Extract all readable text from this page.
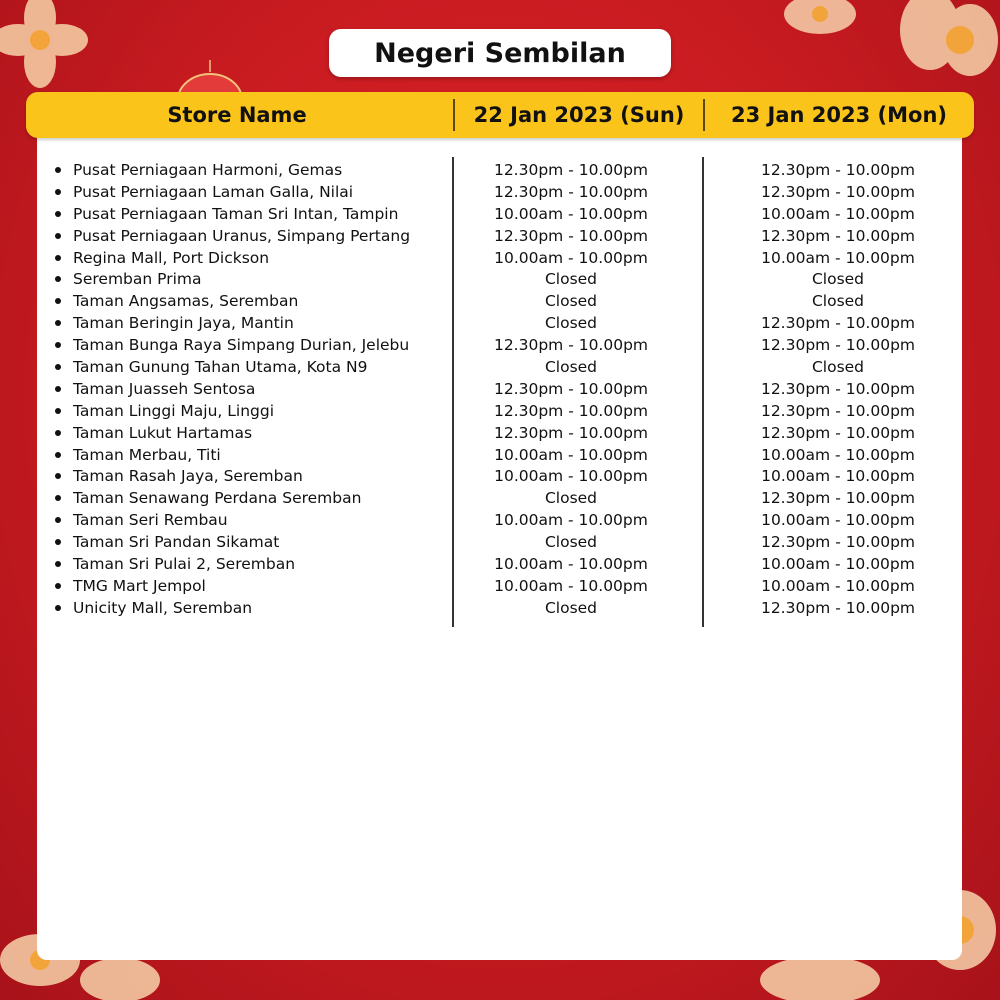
Negeri Sembilan
Store Name	22 Jan 2023 (Sun)	23 Jan 2023 (Mon)
Pusat Perniagaan Harmoni, Gemas	12.30pm - 10.00pm	12.30pm - 10.00pm
Pusat Perniagaan Laman Galla, Nilai	12.30pm - 10.00pm	12.30pm - 10.00pm
Pusat Perniagaan Taman Sri Intan, Tampin	10.00am - 10.00pm	10.00am - 10.00pm
Pusat Perniagaan Uranus, Simpang Pertang	12.30pm - 10.00pm	12.30pm - 10.00pm
Regina Mall, Port Dickson	10.00am - 10.00pm	10.00am - 10.00pm
Seremban Prima	Closed	Closed
Taman Angsamas, Seremban	Closed	Closed
Taman Beringin Jaya, Mantin	Closed	12.30pm - 10.00pm
Taman Bunga Raya Simpang Durian, Jelebu	12.30pm - 10.00pm	12.30pm - 10.00pm
Taman Gunung Tahan Utama, Kota N9	Closed	Closed
Taman Juasseh Sentosa	12.30pm - 10.00pm	12.30pm - 10.00pm
Taman Linggi Maju, Linggi	12.30pm - 10.00pm	12.30pm - 10.00pm
Taman Lukut Hartamas	12.30pm - 10.00pm	12.30pm - 10.00pm
Taman Merbau, Titi	10.00am - 10.00pm	10.00am - 10.00pm
Taman Rasah Jaya, Seremban	10.00am - 10.00pm	10.00am - 10.00pm
Taman Senawang Perdana Seremban	Closed	12.30pm - 10.00pm
Taman Seri Rembau	10.00am - 10.00pm	10.00am - 10.00pm
Taman Sri Pandan Sikamat	Closed	12.30pm - 10.00pm
Taman Sri Pulai 2, Seremban	10.00am - 10.00pm	10.00am - 10.00pm
TMG Mart Jempol	10.00am - 10.00pm	10.00am - 10.00pm
Unicity Mall, Seremban	Closed	12.30pm - 10.00pm
